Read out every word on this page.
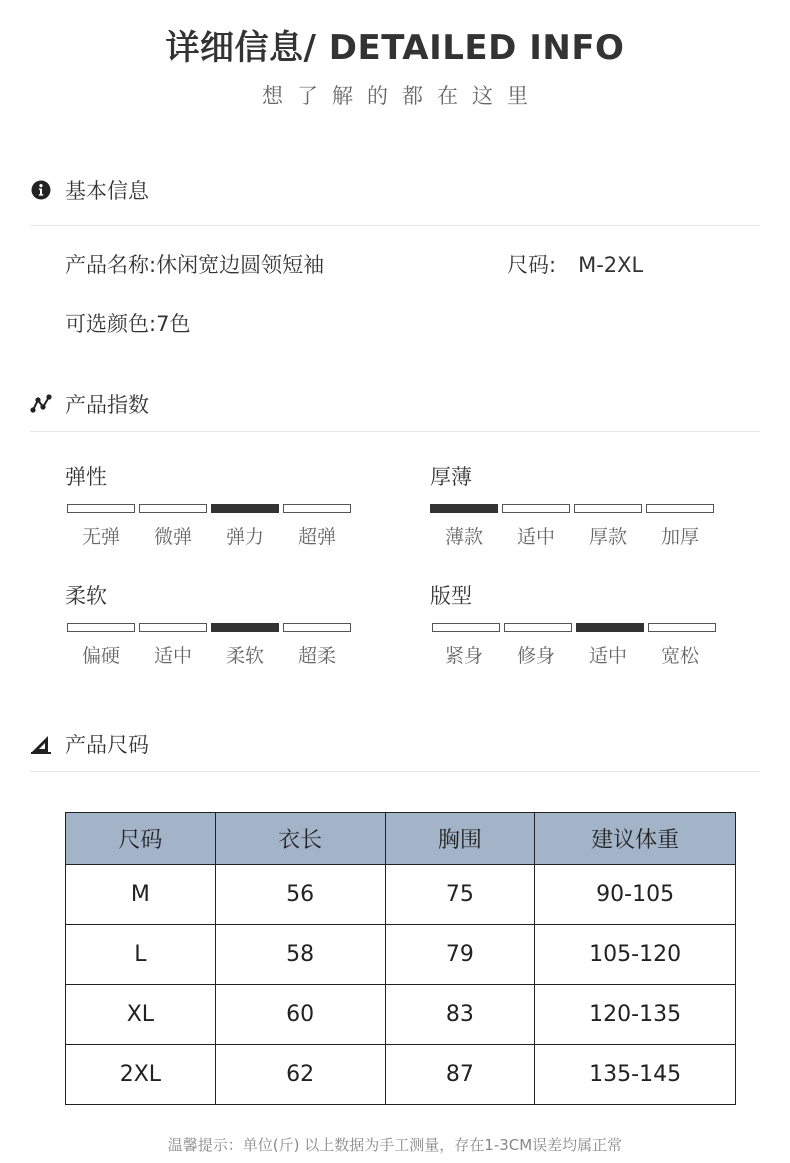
详细信息/ DETAILED INFO
想了解的都在这里
基本信息
产品名称:休闲宽边圆领短袖	尺码: M-2XL
可选颜色:7色
产品指数
弹性
无弹	微弹	弹力	超弹
厚薄
薄款	适中	厚款	加厚
柔软
偏硬	适中	柔软	超柔
版型
紧身	修身	适中	宽松
产品尺码
尺码	衣长	胸围	建议体重
M	56	75	90-105
L	58	79	105-120
XL	60	83	120-135
2XL	62	87	135-145
温馨提示：单位(斤) 以上数据为手工测量，存在1-3CM误差均属正常
